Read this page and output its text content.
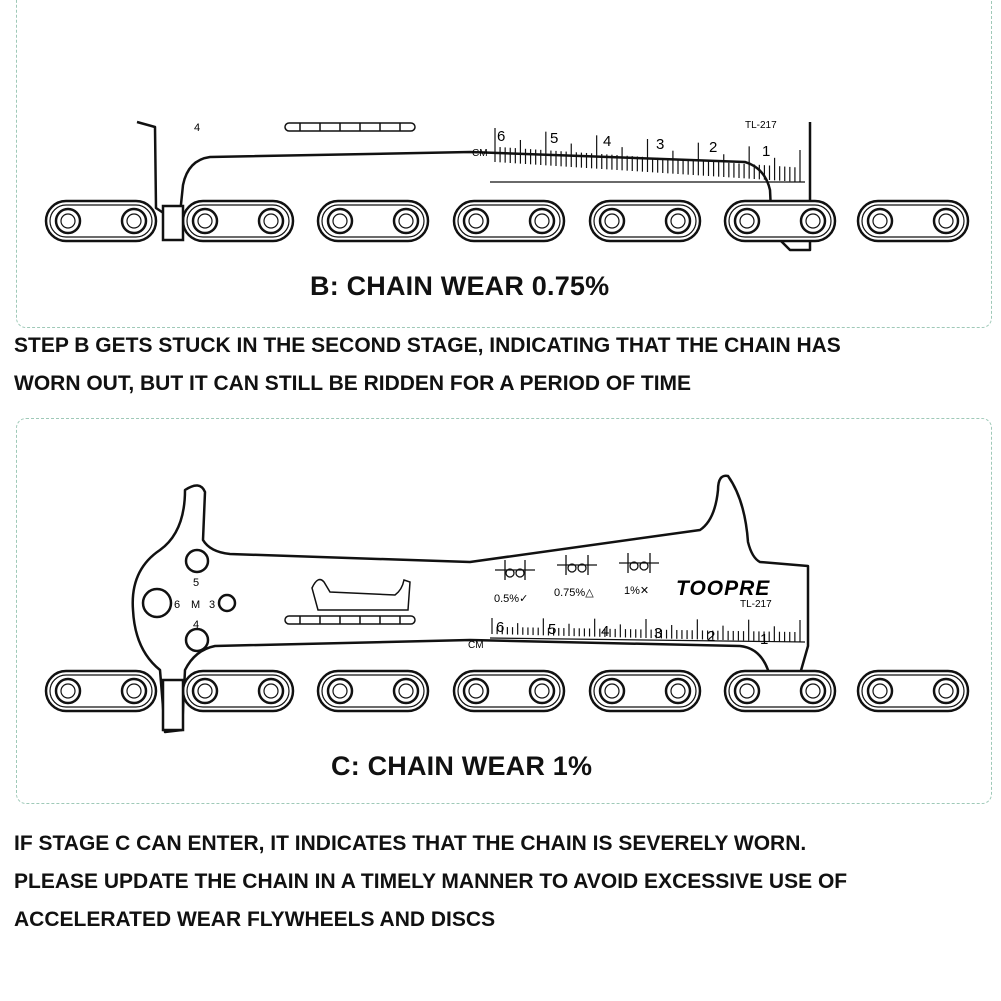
4	TL-217
CM
6	5	4	3	2	1
B: CHAIN WEAR 0.75%
STEP B GETS STUCK IN THE SECOND STAGE, INDICATING THAT THE CHAIN HAS
WORN OUT, BUT IT CAN STILL BE RIDDEN FOR A PERIOD OF TIME
5
6 M 3
4
0.5%✓ 0.75%△	1%✕ TOOPRE
TL-217
CM
6	5	4	3	2	1
C: CHAIN WEAR 1%
IF STAGE C CAN ENTER, IT INDICATES THAT THE CHAIN IS SEVERELY WORN.
PLEASE UPDATE THE CHAIN IN A TIMELY MANNER TO AVOID EXCESSIVE USE OF
ACCELERATED WEAR FLYWHEELS AND DISCS
